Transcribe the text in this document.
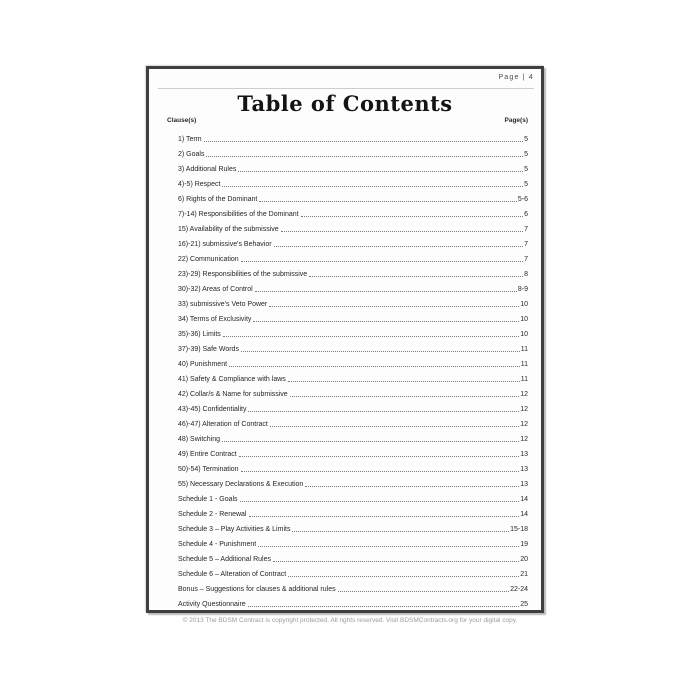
Page | 4
Table of Contents
Clause(s)	Page(s)
1) Term	5
2) Goals	5
3) Additional Rules	5
4)-5) Respect	5
6) Rights of the Dominant	5-6
7)-14) Responsibilities of the Dominant	6
15) Availability of the submissive	7
16)-21) submissive's Behavior	7
22) Communication	7
23)-29) Responsibilities of the submissive	8
30)-32) Areas of Control	8-9
33) submissive's Veto Power	10
34) Terms of Exclusivity	10
35)-36) Limits	10
37)-39) Safe Words	11
40) Punishment	11
41) Safety & Compliance with laws	11
42) Collar/s & Name for submissive	12
43)-45) Confidentiality	12
46)-47) Alteration of Contract	12
48) Switching	12
49) Entire Contract	13
50)-54) Termination	13
55) Necessary Declarations & Execution	13
Schedule 1 - Goals	14
Schedule 2 - Renewal	14
Schedule 3 – Play Activities & Limits	15-18
Schedule 4 - Punishment	19
Schedule 5 – Additional Rules	20
Schedule 6 – Alteration of Contract	21
Bonus – Suggestions for clauses & additional rules	22-24
Activity Questionnaire	25
© 2013 The BDSM Contract is copyright protected. All rights reserved. Visit BDSMContracts.org for your digital copy.
